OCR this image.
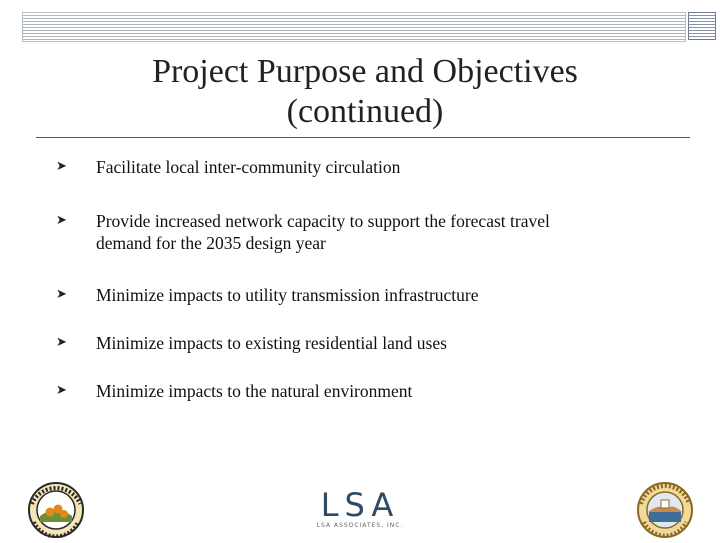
Project Purpose and Objectives
(continued)
➤ Facilitate local inter-community circulation
➤ Provide increased network capacity to support the forecast travel
demand for the 2035 design year
➤ Minimize impacts to utility transmission infrastructure
➤ Minimize impacts to existing residential land uses
➤ Minimize impacts to the natural environment
LSA
LSA ASSOCIATES, INC.
